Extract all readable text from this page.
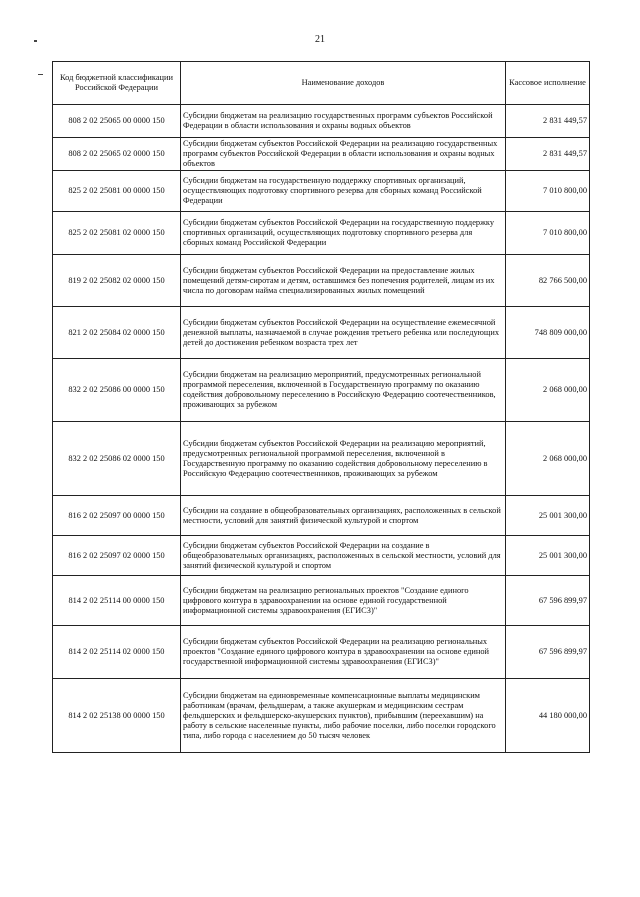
21
Код бюджетной классификации Российской Федерации	Наименование доходов	Кассовое исполнение
808 2 02 25065 00 0000 150	Субсидии бюджетам на реализацию государственных программ субъектов Российской Федерации в области использования и охраны водных объектов	2 831 449,57
808 2 02 25065 02 0000 150	Субсидии бюджетам субъектов Российской Федерации на реализацию государственных программ субъектов Российской Федерации в области использования и охраны водных объектов	2 831 449,57
825 2 02 25081 00 0000 150	Субсидии бюджетам на государственную поддержку спортивных организаций, осуществляющих подготовку спортивного резерва для сборных команд Российской Федерации	7 010 800,00
825 2 02 25081 02 0000 150	Субсидии бюджетам субъектов Российской Федерации на государственную поддержку спортивных организаций, осуществляющих подготовку спортивного резерва для сборных команд Российской Федерации	7 010 800,00
819 2 02 25082 02 0000 150	Субсидии бюджетам субъектов Российской Федерации на предоставление жилых помещений детям-сиротам и детям, оставшимся без попечения родителей, лицам из их числа по договорам найма специализированных жилых помещений	82 766 500,00
821 2 02 25084 02 0000 150	Субсидии бюджетам субъектов Российской Федерации на осуществление ежемесячной денежной выплаты, назначаемой в случае рождения третьего ребенка или последующих детей до достижения ребенком возраста трех лет	748 809 000,00
832 2 02 25086 00 0000 150	Субсидии бюджетам на реализацию мероприятий, предусмотренных региональной программой переселения, включенной в Государственную программу по оказанию содействия добровольному переселению в Российскую Федерацию соотечественников, проживающих за рубежом	2 068 000,00
832 2 02 25086 02 0000 150	Субсидии бюджетам субъектов Российской Федерации на реализацию мероприятий, предусмотренных региональной программой переселения, включенной в Государственную программу по оказанию содействия добровольному переселению в Российскую Федерацию соотечественников, проживающих за рубежом	2 068 000,00
816 2 02 25097 00 0000 150	Субсидии на создание в общеобразовательных организациях, расположенных в сельской местности, условий для занятий физической культурой и спортом	25 001 300,00
816 2 02 25097 02 0000 150	Субсидии бюджетам субъектов Российской Федерации на создание в общеобразовательных организациях, расположенных в сельской местности, условий для занятий физической культурой и спортом	25 001 300,00
814 2 02 25114 00 0000 150	Субсидии бюджетам на реализацию региональных проектов "Создание единого цифрового контура в здравоохранении на основе единой государственной информационной системы здравоохранения (ЕГИСЗ)"	67 596 899,97
814 2 02 25114 02 0000 150	Субсидии бюджетам субъектов Российской Федерации на реализацию региональных проектов "Создание единого цифрового контура в здравоохранении на основе единой государственной информационной системы здравоохранения (ЕГИСЗ)"	67 596 899,97
814 2 02 25138 00 0000 150	Субсидии бюджетам на единовременные компенсационные выплаты медицинским работникам (врачам, фельдшерам, а также акушеркам и медицинским сестрам фельдшерских и фельдшерско-акушерских пунктов), прибывшим (переехавшим) на работу в сельские населенные пункты, либо рабочие поселки, либо поселки городского типа, либо города с населением до 50 тысяч человек	44 180 000,00
